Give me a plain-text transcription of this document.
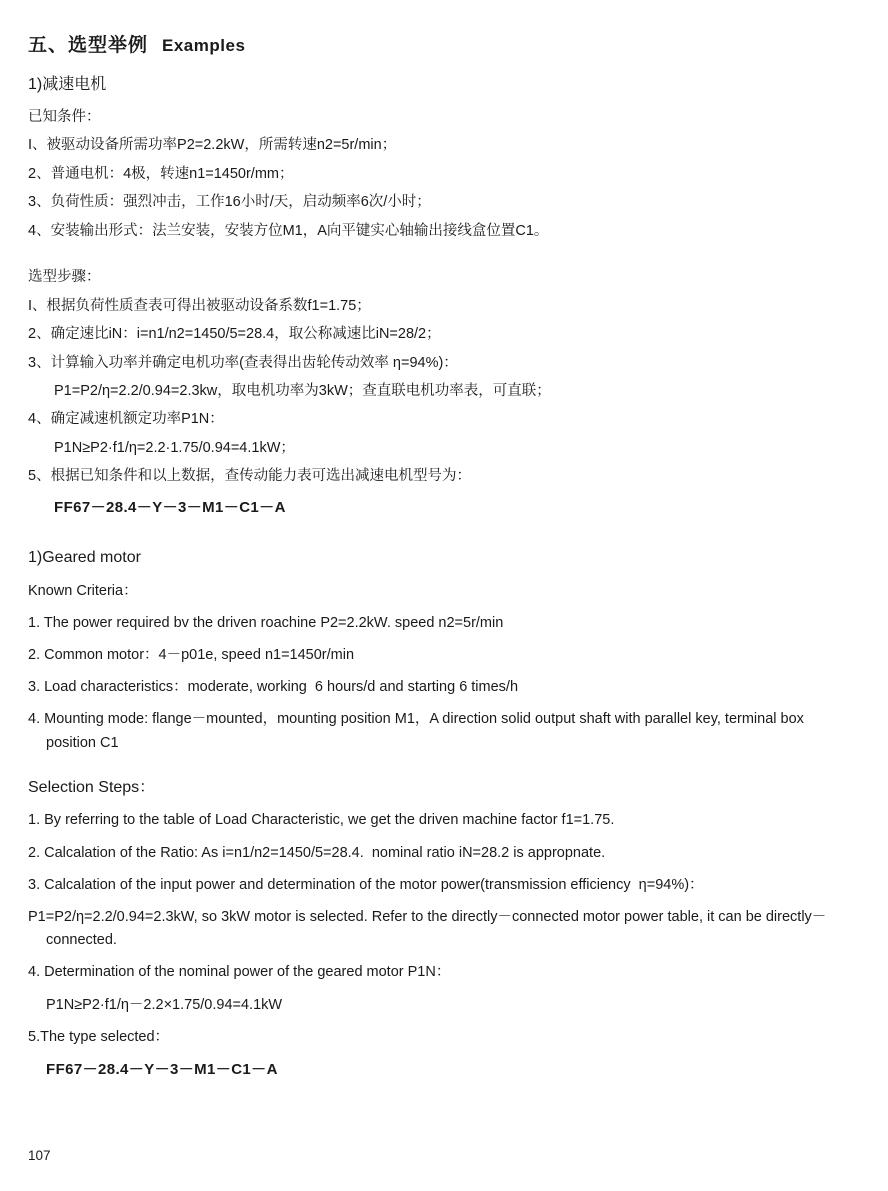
五、选型举例 Examples
1)减速电机
已知条件：
I、被驱动设备所需功率P2=2.2kW，所需转速n2=5r/min；
2、普通电机：4极，转速n1=1450r/mm；
3、负荷性质：强烈冲击，工作16小时/天，启动频率6次/小时；
4、安装输出形式：法兰安装，安装方位M1，A向平键实心轴输出接线盒位置C1。
选型步骤：
I、根据负荷性质查表可得出被驱动设备系数f1=1.75；
2、确定速比iN：i=n1/n2=1450/5=28.4，取公称减速比iN=28/2；
3、计算输入功率并确定电机功率(查表得出齿轮传动效率 η=94%)：
P1=P2/η=2.2/0.94=2.3kw，取电机功率为3kW；查直联电机功率表，可直联；
4、确定减速机额定功率P1N：
P1N≥P2·f1/η=2.2·1.75/0.94=4.1kW；
5、根据已知条件和以上数据，查传动能力表可选出减速电机型号为：
FF67－28.4－Y－3－M1－C1－A
1)Geared motor
Known Criteria：
1. The power required bv the driven roachine P2=2.2kW. speed n2=5r/min
2. Common motor：4－p01e, speed n1=1450r/min
3. Load characteristics：moderate, working  6 hours/d and starting 6 times/h
4. Mounting mode: flange－mounted，mounting position M1，A direction solid output shaft with parallel key, terminal box position C1
Selection Steps：
1. By referring to the table of Load Characteristic, we get the driven machine factor f1=1.75.
2. Calcalation of the Ratio: As i=n1/n2=1450/5=28.4.  nominal ratio iN=28.2 is appropnate.
3. Calcalation of the input power and determination of the motor power(transmission efficiency  η=94%)：
P1=P2/η=2.2/0.94=2.3kW, so 3kW motor is selected. Refer to the directly－connected motor power table, it can be directly－connected.
4. Determination of the nominal power of the geared motor P1N：
P1N≥P2·f1/η－2.2×1.75/0.94=4.1kW
5.The type selected：
FF67－28.4－Y－3－M1－C1－A
107
